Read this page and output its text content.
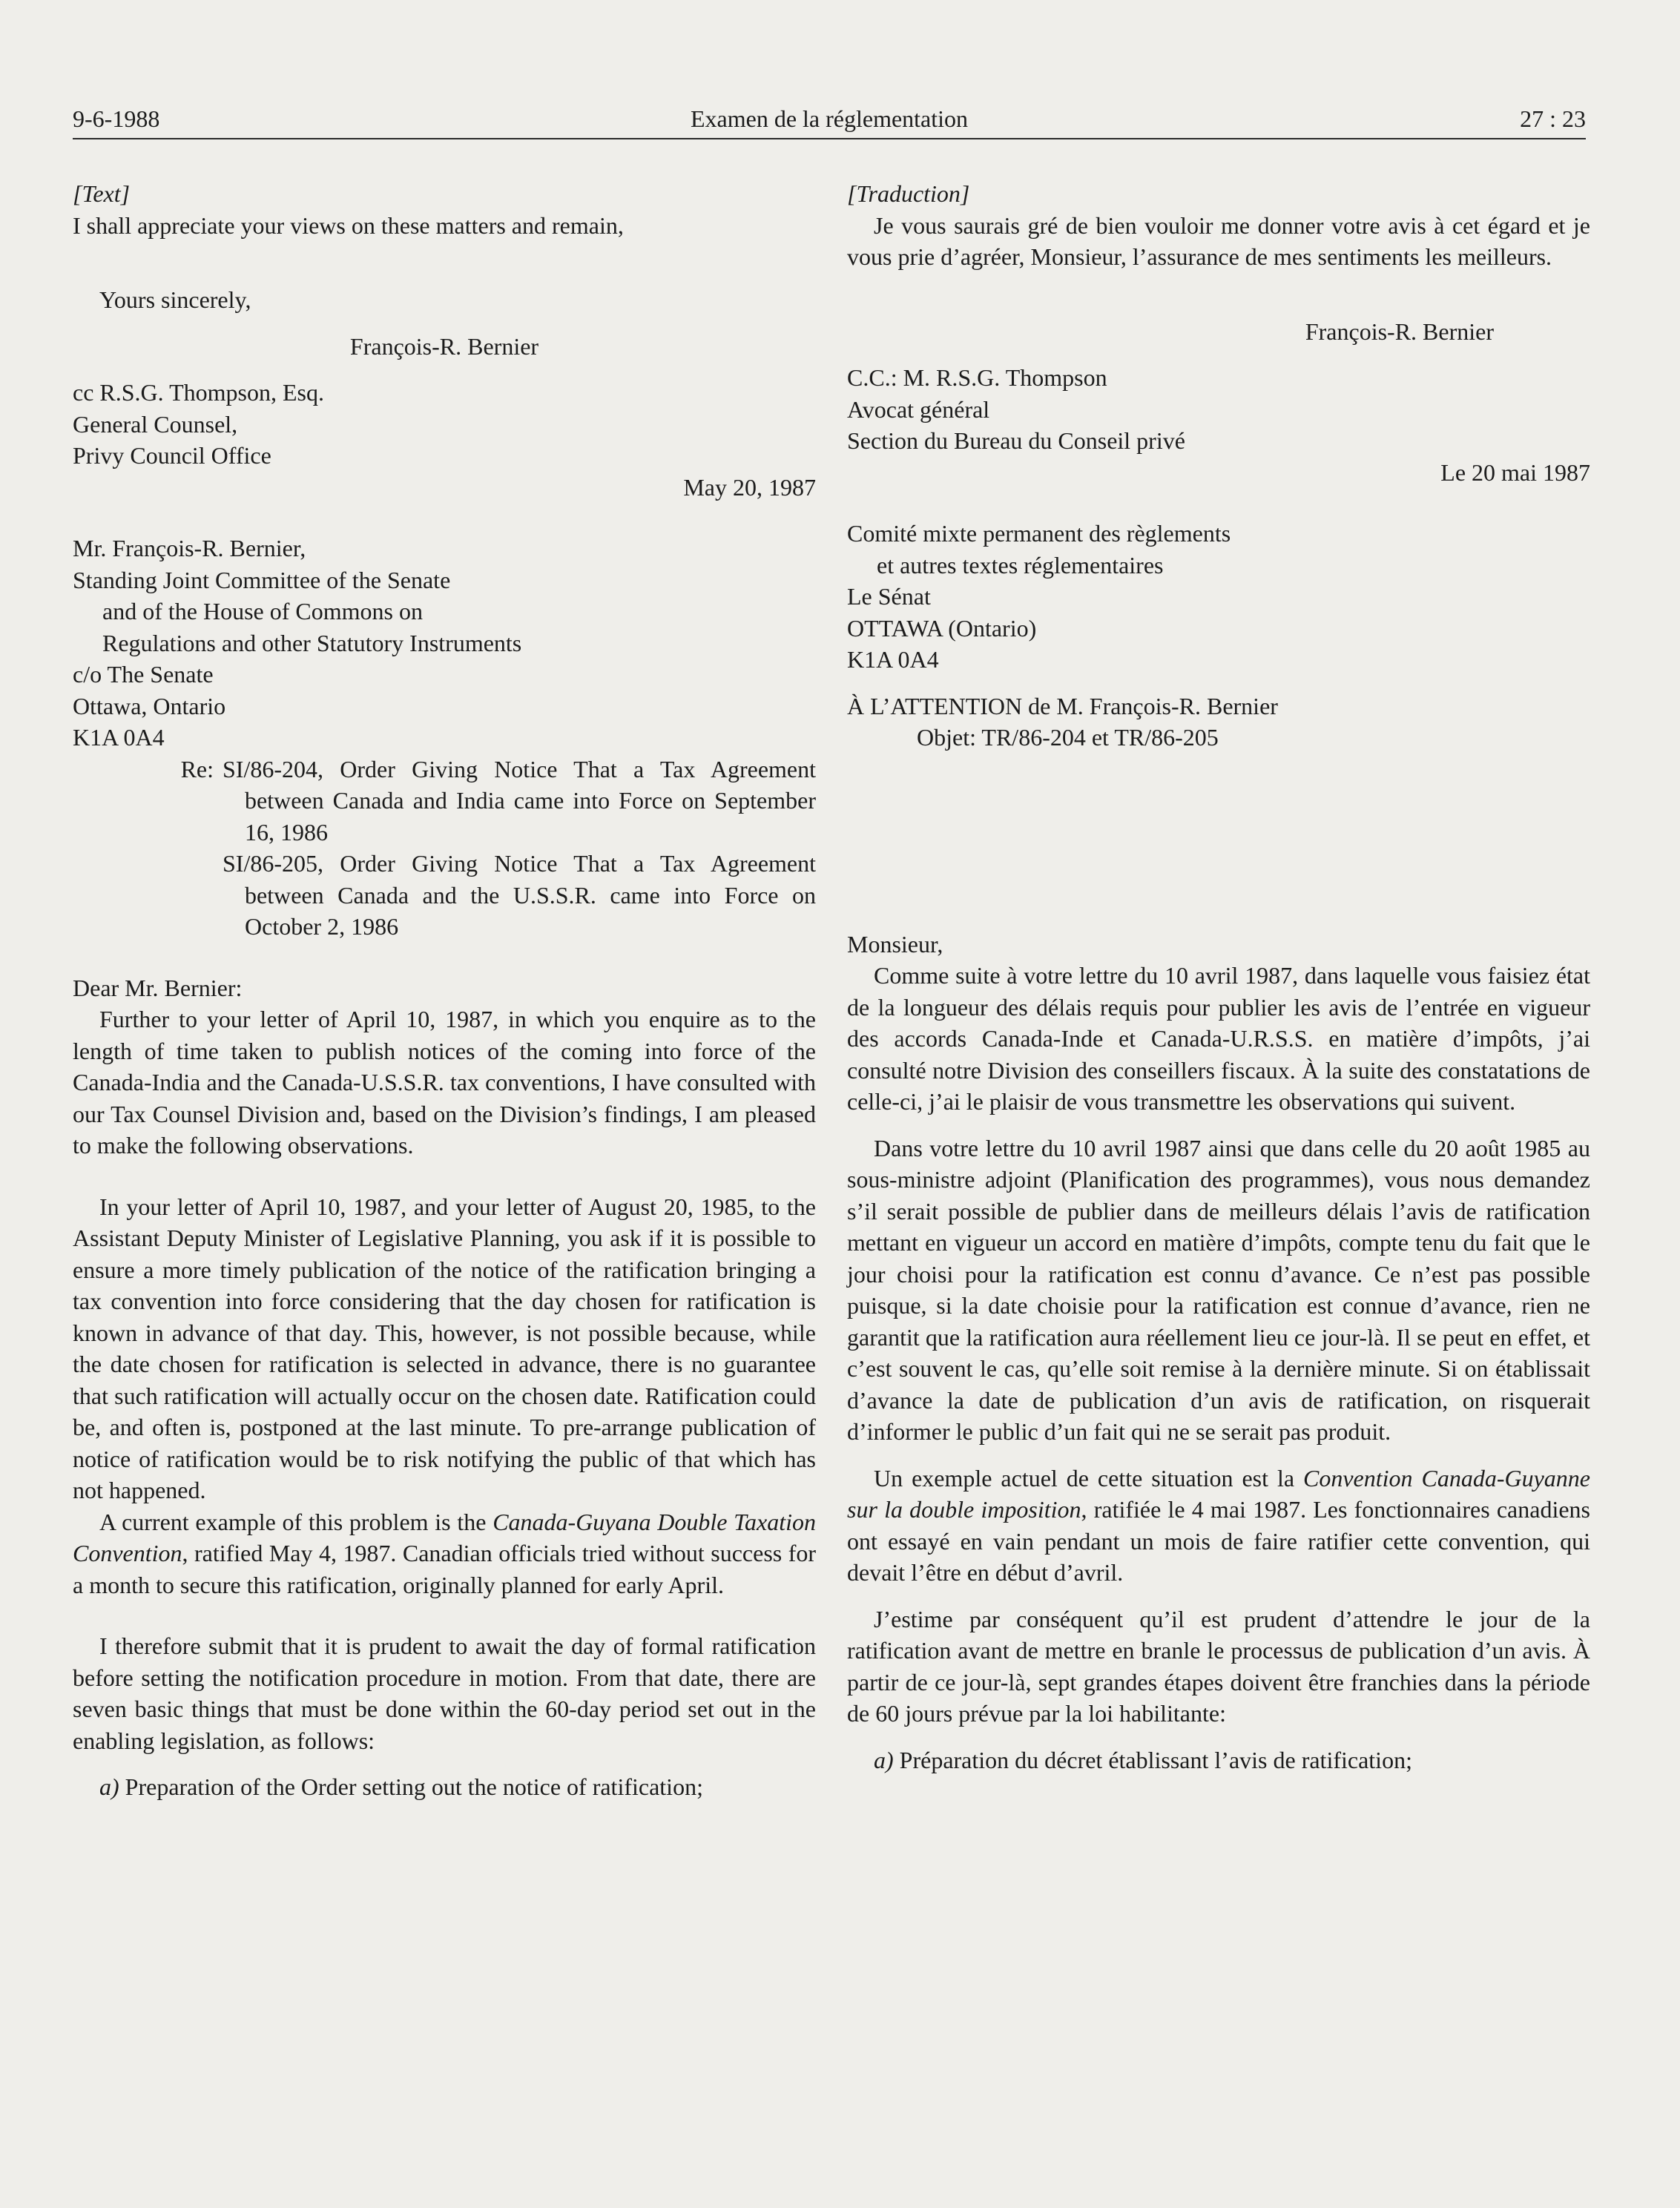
9-6-1988	Examen de la réglementation	27 : 23

[Text]

I shall appreciate your views on these matters and remain,

Yours sincerely,

François-R. Bernier

cc R.S.G. Thompson, Esq.

General Counsel,

Privy Council Office

May 20, 1987

Mr. François-R. Bernier,

Standing Joint Committee of the Senate

and of the House of Commons on

Regulations and other Statutory Instruments

c/o The Senate

Ottawa, Ontario

K1A 0A4

Re: SI/86-204, Order Giving Notice That a Tax Agreement between Canada and India came into Force on September 16, 1986

SI/86-205, Order Giving Notice That a Tax Agreement between Canada and the U.S.S.R. came into Force on October 2, 1986

Dear Mr. Bernier:

Further to your letter of April 10, 1987, in which you enquire as to the length of time taken to publish notices of the coming into force of the Canada-India and the Canada-U.S.S.R. tax conventions, I have consulted with our Tax Counsel Division and, based on the Division’s findings, I am pleased to make the following observations.

In your letter of April 10, 1987, and your letter of August 20, 1985, to the Assistant Deputy Minister of Legislative Planning, you ask if it is possible to ensure a more timely publication of the notice of the ratification bringing a tax convention into force considering that the day chosen for ratification is known in advance of that day. This, however, is not possible because, while the date chosen for ratification is selected in advance, there is no guarantee that such ratification will actually occur on the chosen date. Ratification could be, and often is, postponed at the last minute. To pre-arrange publication of notice of ratification would be to risk notifying the public of that which has not happened.

A current example of this problem is the Canada-Guyana Double Taxation Convention, ratified May 4, 1987. Canadian officials tried without success for a month to secure this ratification, originally planned for early April.

I therefore submit that it is prudent to await the day of formal ratification before setting the notification procedure in motion. From that date, there are seven basic things that must be done within the 60-day period set out in the enabling legislation, as follows:

a) Preparation of the Order setting out the notice of ratification;

[Traduction]

Je vous saurais gré de bien vouloir me donner votre avis à cet égard et je vous prie d’agréer, Monsieur, l’assurance de mes sentiments les meilleurs.

François-R. Bernier

C.C.: M. R.S.G. Thompson

Avocat général

Section du Bureau du Conseil privé

Le 20 mai 1987

Comité mixte permanent des règlements

et autres textes réglementaires

Le Sénat

OTTAWA (Ontario)

K1A 0A4

À L’ATTENTION de M. François-R. Bernier

Objet: TR/86-204 et TR/86-205

Monsieur,

Comme suite à votre lettre du 10 avril 1987, dans laquelle vous faisiez état de la longueur des délais requis pour publier les avis de l’entrée en vigueur des accords Canada-Inde et Canada-U.R.S.S. en matière d’impôts, j’ai consulté notre Division des conseillers fiscaux. À la suite des constatations de celle-ci, j’ai le plaisir de vous transmettre les observations qui suivent.

Dans votre lettre du 10 avril 1987 ainsi que dans celle du 20 août 1985 au sous-ministre adjoint (Planification des programmes), vous nous demandez s’il serait possible de publier dans de meilleurs délais l’avis de ratification mettant en vigueur un accord en matière d’impôts, compte tenu du fait que le jour choisi pour la ratification est connu d’avance. Ce n’est pas possible puisque, si la date choisie pour la ratification est connue d’avance, rien ne garantit que la ratification aura réellement lieu ce jour-là. Il se peut en effet, et c’est souvent le cas, qu’elle soit remise à la dernière minute. Si on établissait d’avance la date de publication d’un avis de ratification, on risquerait d’informer le public d’un fait qui ne se serait pas produit.

Un exemple actuel de cette situation est la Convention Canada-Guyanne sur la double imposition, ratifiée le 4 mai 1987. Les fonctionnaires canadiens ont essayé en vain pendant un mois de faire ratifier cette convention, qui devait l’être en début d’avril.

J’estime par conséquent qu’il est prudent d’attendre le jour de la ratification avant de mettre en branle le processus de publication d’un avis. À partir de ce jour-là, sept grandes étapes doivent être franchies dans la période de 60 jours prévue par la loi habilitante:

a) Préparation du décret établissant l’avis de ratification;
